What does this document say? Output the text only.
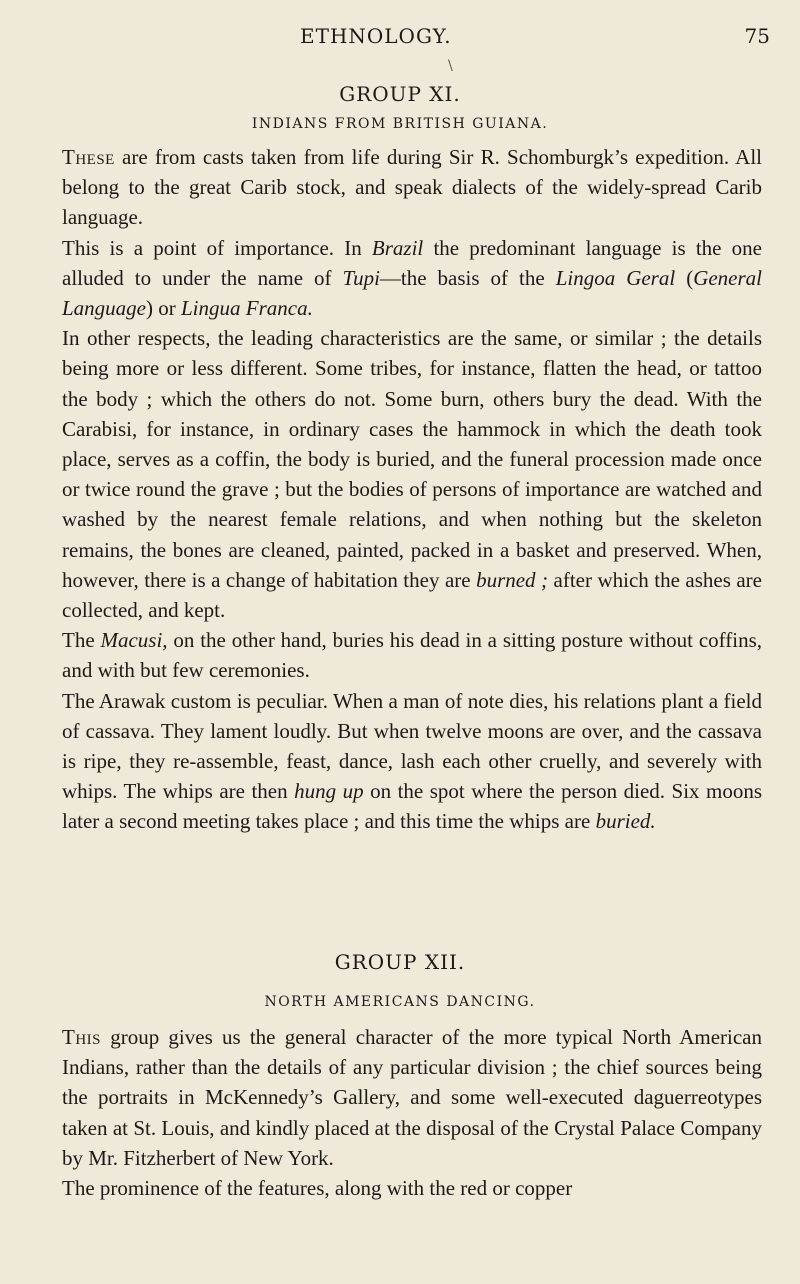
ETHNOLOGY.	75
\
GROUP XI.
INDIANS FROM BRITISH GUIANA.

These are from casts taken from life during Sir R. Schomburgk’s expedition. All belong to the great Carib stock, and speak dialects of the widely-spread Carib language.

This is a point of importance. In Brazil the predominant language is the one alluded to under the name of Tupi—the basis of the Lingoa Geral (General Language) or Lingua Franca.

In other respects, the leading characteristics are the same, or similar ; the details being more or less different. Some tribes, for instance, flatten the head, or tattoo the body ; which the others do not. Some burn, others bury the dead. With the Carabisi, for instance, in ordinary cases the hammock in which the death took place, serves as a coffin, the body is buried, and the funeral procession made once or twice round the grave ; but the bodies of persons of importance are watched and washed by the nearest female relations, and when nothing but the skeleton remains, the bones are cleaned, painted, packed in a basket and preserved. When, however, there is a change of habitation they are burned ; after which the ashes are collected, and kept.

The Macusi, on the other hand, buries his dead in a sitting posture without coffins, and with but few ceremonies.

The Arawak custom is peculiar. When a man of note dies, his relations plant a field of cassava. They lament loudly. But when twelve moons are over, and the cassava is ripe, they re-assemble, feast, dance, lash each other cruelly, and severely with whips. The whips are then hung up on the spot where the person died. Six moons later a second meeting takes place ; and this time the whips are buried.

GROUP XII.
NORTH AMERICANS DANCING.

This group gives us the general character of the more typical North American Indians, rather than the details of any particular division ; the chief sources being the portraits in McKennedy’s Gallery, and some well-executed daguerreotypes taken at St. Louis, and kindly placed at the disposal of the Crystal Palace Company by Mr. Fitzherbert of New York.

The prominence of the features, along with the red or copper
